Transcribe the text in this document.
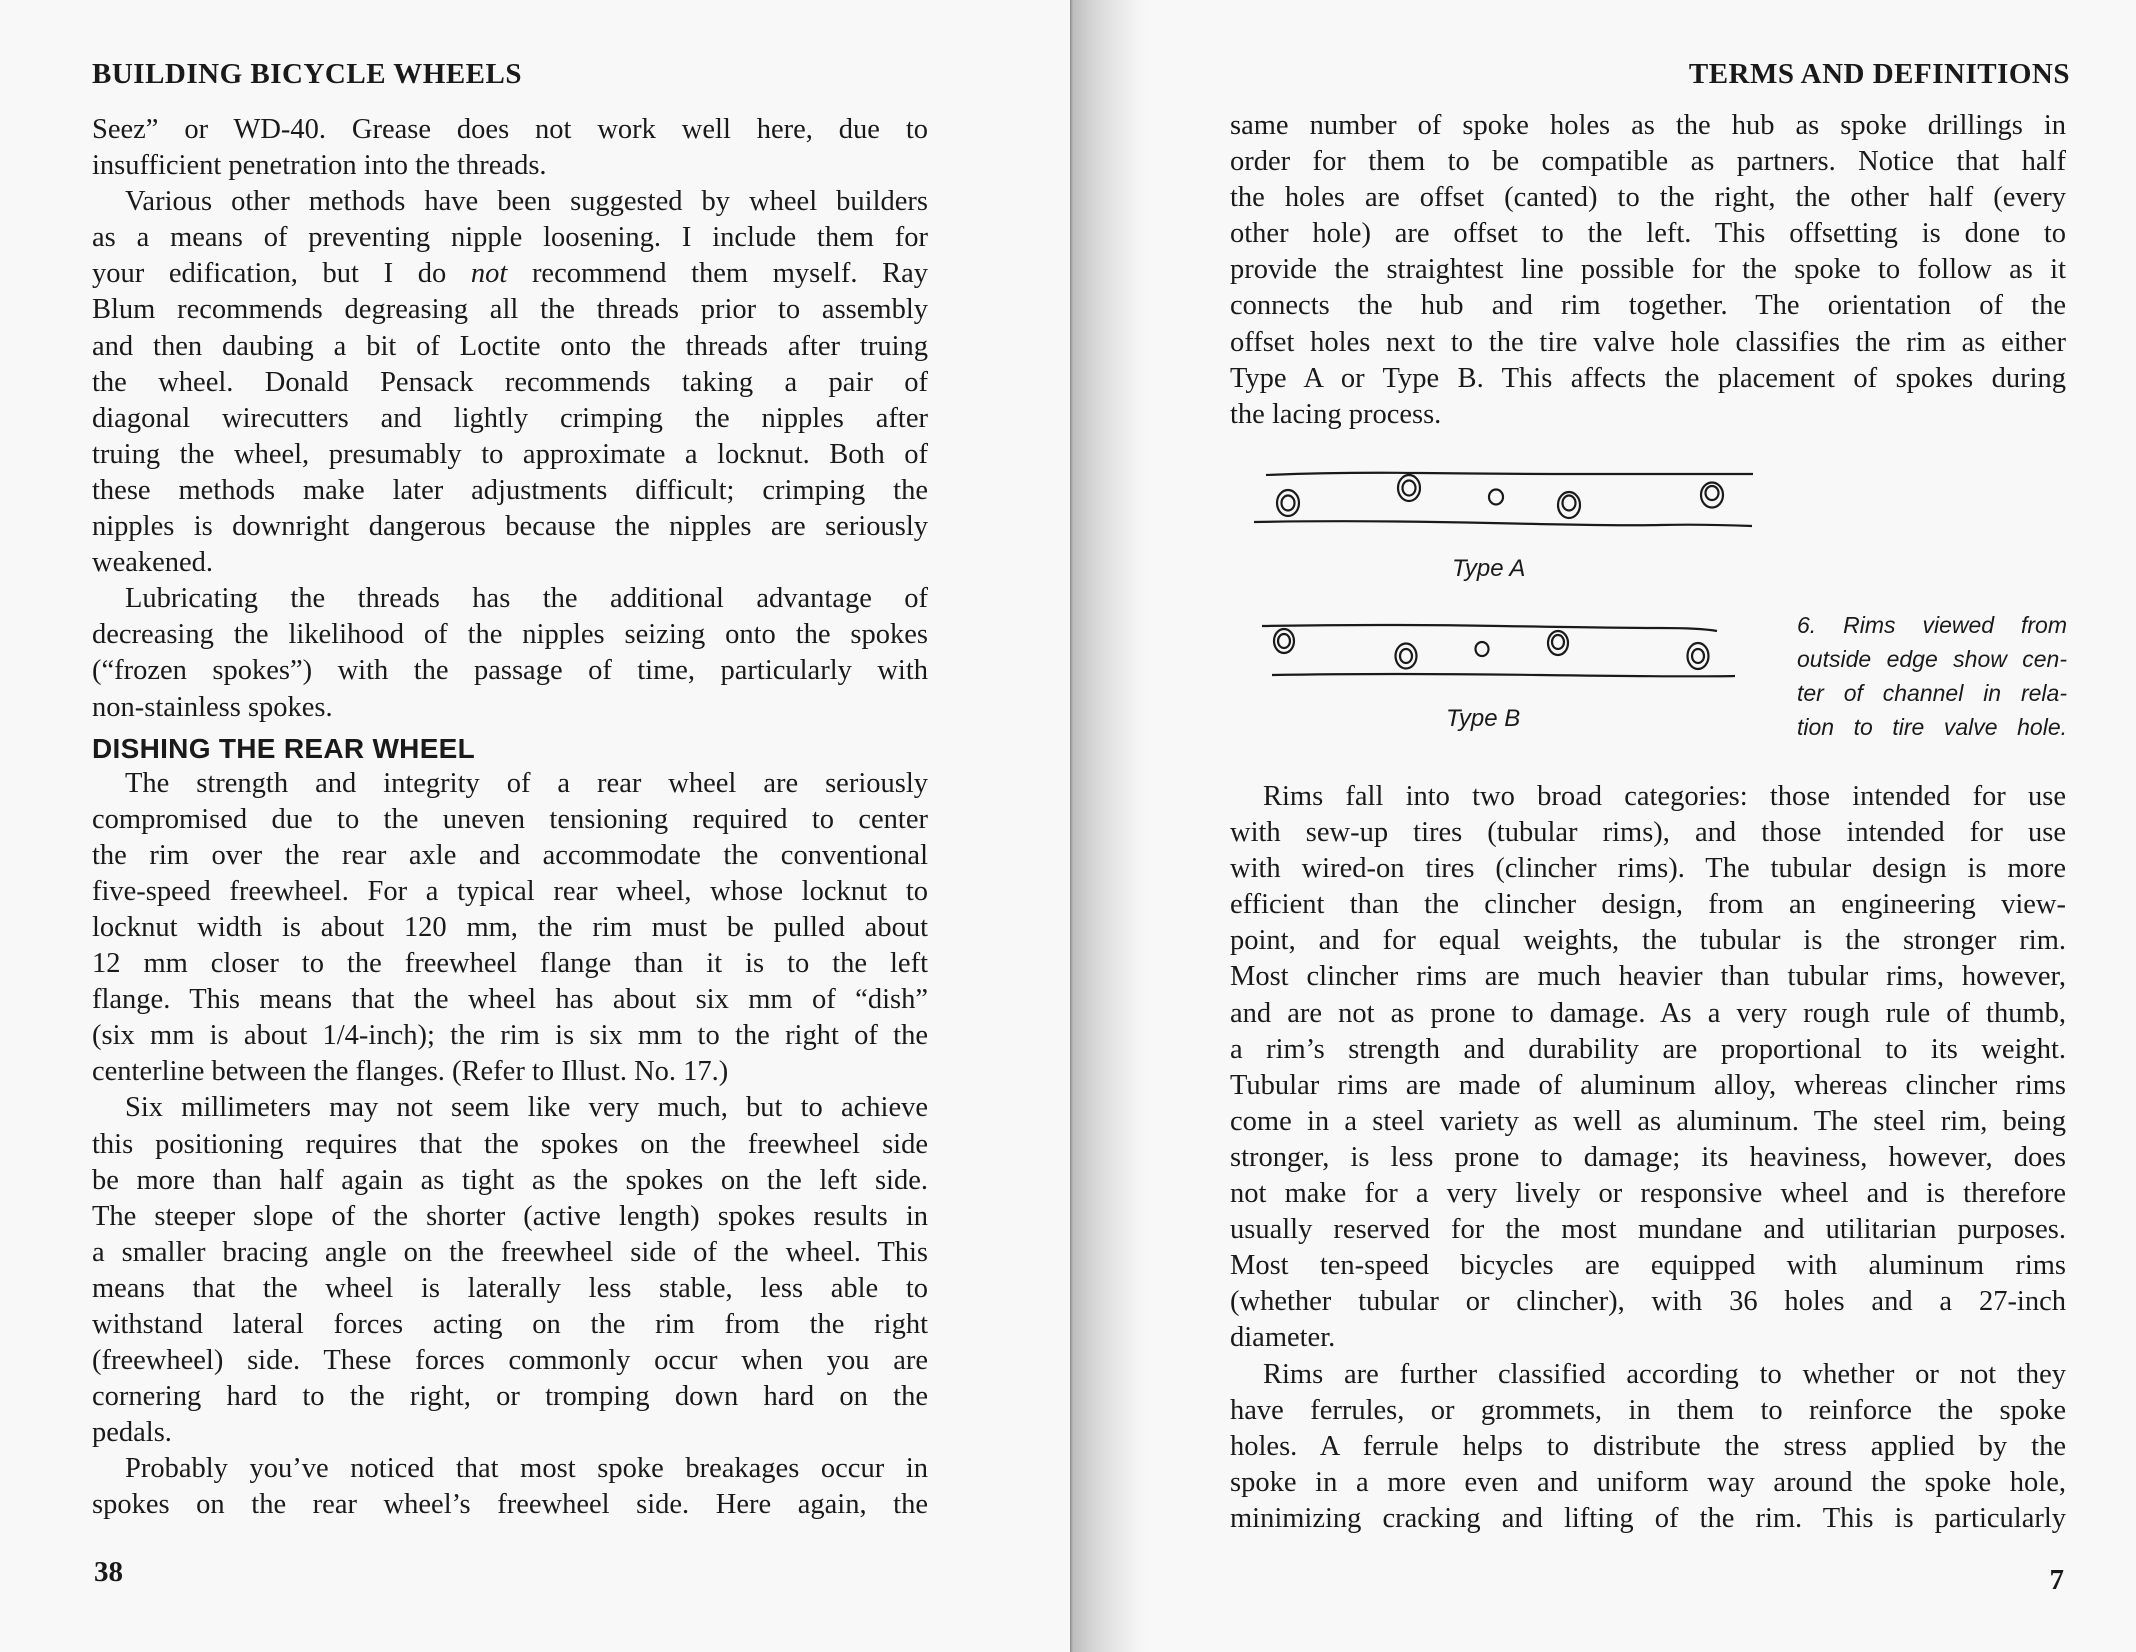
BUILDING BICYCLE WHEELS
Seez” or WD-40. Grease does not work well here, due to
insufficient penetration into the threads.
Various other methods have been suggested by wheel builders
as a means of preventing nipple loosening. I include them for
your edification, but I do not recommend them myself. Ray
Blum recommends degreasing all the threads prior to assembly
and then daubing a bit of Loctite onto the threads after truing
the wheel. Donald Pensack recommends taking a pair of
diagonal wirecutters and lightly crimping the nipples after
truing the wheel, presumably to approximate a locknut. Both of
these methods make later adjustments difficult; crimping the
nipples is downright dangerous because the nipples are seriously
weakened.
Lubricating the threads has the additional advantage of
decreasing the likelihood of the nipples seizing onto the spokes
(“frozen spokes”) with the passage of time, particularly with
non-stainless spokes.
DISHING THE REAR WHEEL
The strength and integrity of a rear wheel are seriously
compromised due to the uneven tensioning required to center
the rim over the rear axle and accommodate the conventional
five-speed freewheel. For a typical rear wheel, whose locknut to
locknut width is about 120 mm, the rim must be pulled about
12 mm closer to the freewheel flange than it is to the left
flange. This means that the wheel has about six mm of “dish”
(six mm is about 1/4-inch); the rim is six mm to the right of the
centerline between the flanges. (Refer to Illust. No. 17.)
Six millimeters may not seem like very much, but to achieve
this positioning requires that the spokes on the freewheel side
be more than half again as tight as the spokes on the left side.
The steeper slope of the shorter (active length) spokes results in
a smaller bracing angle on the freewheel side of the wheel. This
means that the wheel is laterally less stable, less able to
withstand lateral forces acting on the rim from the right
(freewheel) side. These forces commonly occur when you are
cornering hard to the right, or tromping down hard on the
pedals.
Probably you’ve noticed that most spoke breakages occur in
spokes on the rear wheel’s freewheel side. Here again, the
38
TERMS AND DEFINITIONS
7
same number of spoke holes as the hub as spoke drillings in
order for them to be compatible as partners. Notice that half
the holes are offset (canted) to the right, the other half (every
other hole) are offset to the left. This offsetting is done to
provide the straightest line possible for the spoke to follow as it
connects the hub and rim together. The orientation of the
offset holes next to the tire valve hole classifies the rim as either
Type A or Type B. This affects the placement of spokes during
the lacing process.
Type A
Type B
6. Rims viewed from
outside edge show cen-
ter of channel in rela-
tion to tire valve hole.
Rims fall into two broad categories: those intended for use
with sew-up tires (tubular rims), and those intended for use
with wired-on tires (clincher rims). The tubular design is more
efficient than the clincher design, from an engineering view-
point, and for equal weights, the tubular is the stronger rim.
Most clincher rims are much heavier than tubular rims, however,
and are not as prone to damage. As a very rough rule of thumb,
a rim’s strength and durability are proportional to its weight.
Tubular rims are made of aluminum alloy, whereas clincher rims
come in a steel variety as well as aluminum. The steel rim, being
stronger, is less prone to damage; its heaviness, however, does
not make for a very lively or responsive wheel and is therefore
usually reserved for the most mundane and utilitarian purposes.
Most ten-speed bicycles are equipped with aluminum rims
(whether tubular or clincher), with 36 holes and a 27-inch
diameter.
Rims are further classified according to whether or not they
have ferrules, or grommets, in them to reinforce the spoke
holes. A ferrule helps to distribute the stress applied by the
spoke in a more even and uniform way around the spoke hole,
minimizing cracking and lifting of the rim. This is particularly
